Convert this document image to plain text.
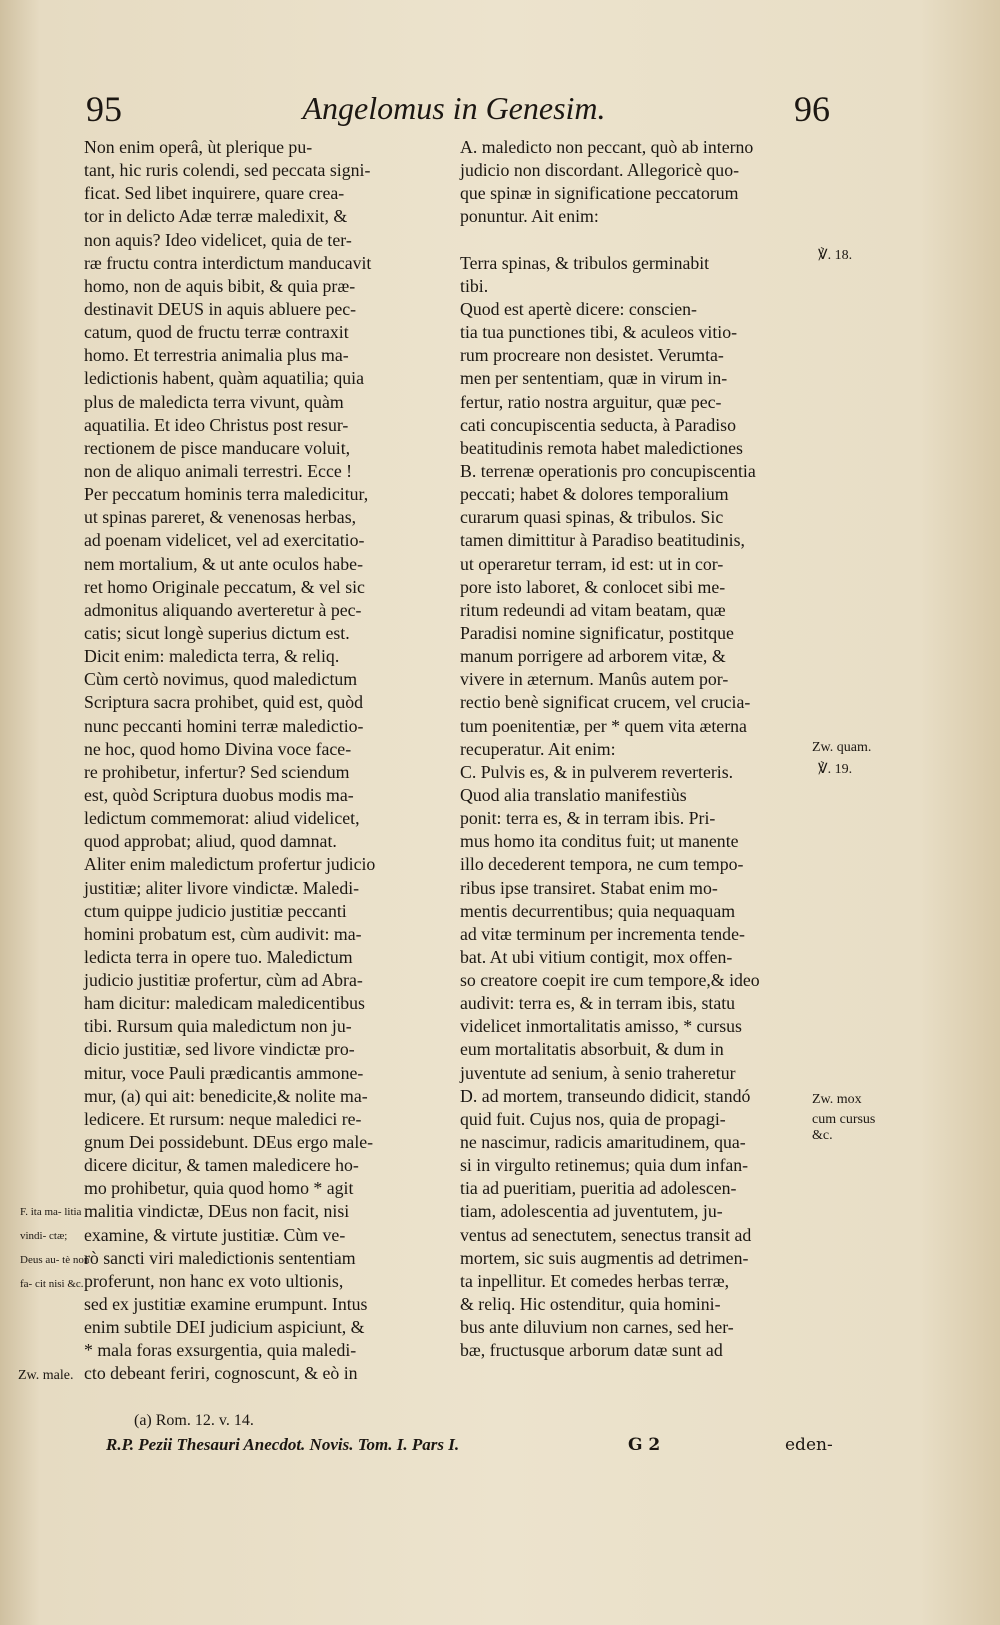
95	Angelomus in Genesim.	96
Non enim operâ, ùt plerique pu-
tant, hic ruris colendi, sed peccata signi-
ficat. Sed libet inquirere, quare crea-
tor in delicto Adæ terræ maledixit, &
non aquis? Ideo videlicet, quia de ter-
ræ fructu contra interdictum manducavit
homo, non de aquis bibit, & quia præ-
destinavit DEUS in aquis abluere pec-
catum, quod de fructu terræ contraxit
homo. Et terrestria animalia plus ma-
ledictionis habent, quàm aquatilia; quia
plus de maledicta terra vivunt, quàm
aquatilia. Et ideo Christus post resur-
rectionem de pisce manducare voluit,
non de aliquo animali terrestri. Ecce !
Per peccatum hominis terra maledicitur,
ut spinas pareret, & venenosas herbas,
ad poenam videlicet, vel ad exercitatio-
nem mortalium, & ut ante oculos habe-
ret homo Originale peccatum, & vel sic
admonitus aliquando averteretur à pec-
catis; sicut longè superius dictum est.
Dicit enim: maledicta terra, & reliq.
Cùm certò novimus, quod maledictum
Scriptura sacra prohibet, quid est, quòd
nunc peccanti homini terræ maledictio-
ne hoc, quod homo Divina voce face-
re prohibetur, infertur? Sed sciendum
est, quòd Scriptura duobus modis ma-
ledictum commemorat: aliud videlicet,
quod approbat; aliud, quod damnat.
Aliter enim maledictum profertur judicio
justitiæ; aliter livore vindictæ. Maledi-
ctum quippe judicio justitiæ peccanti
homini probatum est, cùm audivit: ma-
ledicta terra in opere tuo. Maledictum
judicio justitiæ profertur, cùm ad Abra-
ham dicitur: maledicam maledicentibus
tibi. Rursum quia maledictum non ju-
dicio justitiæ, sed livore vindictæ pro-
mitur, voce Pauli prædicantis ammone-
mur, (a) qui ait: benedicite,& nolite ma-
ledicere. Et rursum: neque maledici re-
gnum Dei possidebunt. DEus ergo male-
dicere dicitur, & tamen maledicere ho-
mo prohibetur, quia quod homo * agit
malitia vindictæ, DEus non facit, nisi
examine, & virtute justitiæ. Cùm ve-
rò sancti viri maledictionis sententiam
proferunt, non hanc ex voto ultionis,
sed ex justitiæ examine erumpunt. Intus
enim subtile DEI judicium aspiciunt, &
* mala foras exsurgentia, quia maledi-
cto debeant feriri, cognoscunt, & eò in
A. maledicto non peccant, quò ab interno
judicio non discordant. Allegoricè quo-
que spinæ in significatione peccatorum
ponuntur. Ait enim:
Terra spinas, & tribulos germinabit
tibi.
Quod est apertè dicere: conscien-
tia tua punctiones tibi, & aculeos vitio-
rum procreare non desistet. Verumta-
men per sententiam, quæ in virum in-
fertur, ratio nostra arguitur, quæ pec-
cati concupiscentia seducta, à Paradiso
beatitudinis remota habet maledictiones
B. terrenæ operationis pro concupiscentia
peccati; habet & dolores temporalium
curarum quasi spinas, & tribulos. Sic
tamen dimittitur à Paradiso beatitudinis,
ut operaretur terram, id est: ut in cor-
pore isto laboret, & conlocet sibi me-
ritum redeundi ad vitam beatam, quæ
Paradisi nomine significatur, postitque
manum porrigere ad arborem vitæ, &
vivere in æternum. Manûs autem por-
rectio benè significat crucem, vel crucia-
tum poenitentiæ, per * quem vita æterna
recuperatur. Ait enim:
C. Pulvis es, & in pulverem reverteris.
Quod alia translatio manifestiùs
ponit: terra es, & in terram ibis. Pri-
mus homo ita conditus fuit; ut manente
illo decederent tempora, ne cum tempo-
ribus ipse transiret. Stabat enim mo-
mentis decurrentibus; quia nequaquam
ad vitæ terminum per incrementa tende-
bat. At ubi vitium contigit, mox offen-
so creatore coepit ire cum tempore,& ideo
audivit: terra es, & in terram ibis, statu
videlicet inmortalitatis amisso, * cursus
eum mortalitatis absorbuit, & dum in
juventute ad senium, à senio traheretur
D. ad mortem, transeundo didicit, standó
quid fuit. Cujus nos, quia de propagi-
ne nascimur, radicis amaritudinem, qua-
si in virgulto retinemus; quia dum infan-
tia ad pueritiam, pueritia ad adolescen-
tiam, adolescentia ad juventutem, ju-
ventus ad senectutem, senectus transit ad
mortem, sic suis augmentis ad detrimen-
ta inpellitur. Et comedes herbas terræ,
& reliq. Hic ostenditur, quia homini-
bus ante diluvium non carnes, sed her-
bæ, fructusque arborum datæ sunt ad
℣. 18.
℣. 19.
Zw. quam.
Zw. mox
cum cursus &c.
Zw. male.
F. ita ma- litia vindi- ctæ; Deus au- tè non fa- cit nisi &c.
(a) Rom. 12. v. 14.
R.P. Pezii Thesauri Anecdot. Novis. Tom. I. Pars I.	G 2	eden-
